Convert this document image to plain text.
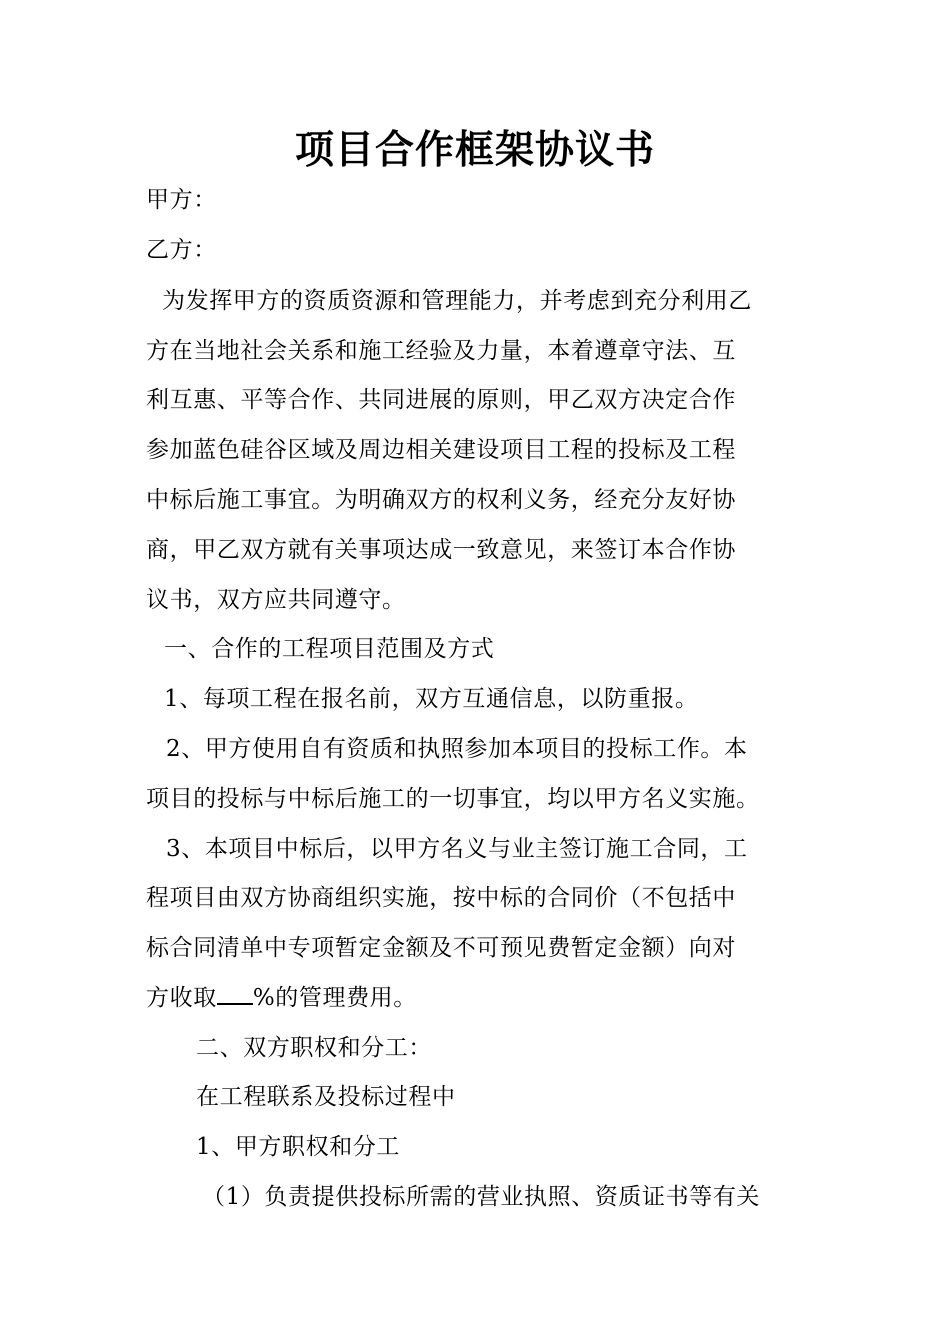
项目合作框架协议书
甲方：
乙方：
为发挥甲方的资质资源和管理能力，并考虑到充分利用乙
方在当地社会关系和施工经验及力量，本着遵章守法、互
利互惠、平等合作、共同进展的原则，甲乙双方决定合作
参加蓝色硅谷区域及周边相关建设项目工程的投标及工程
中标后施工事宜。为明确双方的权利义务，经充分友好协
商，甲乙双方就有关事项达成一致意见，来签订本合作协
议书，双方应共同遵守。
一、合作的工程项目范围及方式
1、每项工程在报名前，双方互通信息，以防重报。
2、甲方使用自有资质和执照参加本项目的投标工作。本
项目的投标与中标后施工的一切事宜，均以甲方名义实施。
3、本项目中标后，以甲方名义与业主签订施工合同，工
程项目由双方协商组织实施，按中标的合同价（不包括中
标合同清单中专项暂定金额及不可预见费暂定金额）向对
方收取 %的管理费用。
二、双方职权和分工：
在工程联系及投标过程中
1、甲方职权和分工
（1）负责提供投标所需的营业执照、资质证书等有关
